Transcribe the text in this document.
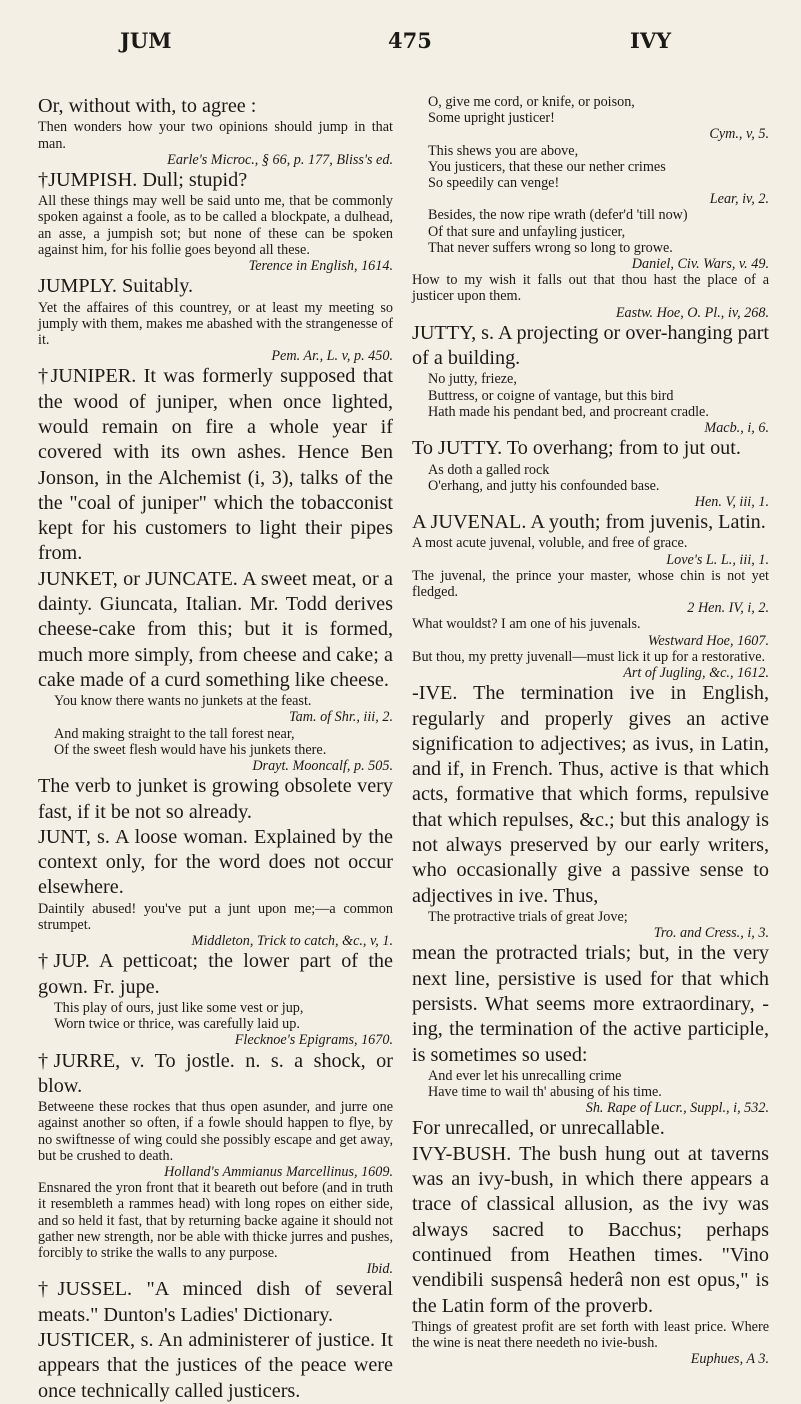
JUM	475	IVY

Or, without with, to agree :

Then wonders how your two opinions should jump in that man.

Earle's Microc., § 66, p. 177, Bliss's ed.

†JUMPISH. Dull; stupid?

All these things may well be said unto me, that be commonly spoken against a foole, as to be called a blockpate, a dulhead, an asse, a jumpish sot; but none of these can be spoken against him, for his follie goes beyond all these.

Terence in English, 1614.

JUMPLY. Suitably.

Yet the affaires of this countrey, or at least my meeting so jumply with them, makes me abashed with the strangenesse of it.

Pem. Ar., L. v, p. 450.

†JUNIPER. It was formerly supposed that the wood of juniper, when once lighted, would remain on fire a whole year if covered with its own ashes. Hence Ben Jonson, in the Alchemist (i, 3), talks of the the "coal of juniper" which the tobacconist kept for his customers to light their pipes from.

JUNKET, or JUNCATE. A sweet meat, or a dainty. Giuncata, Italian. Mr. Todd derives cheese-cake from this; but it is formed, much more simply, from cheese and cake; a cake made of a curd something like cheese.

You know there wants no junkets at the feast.

Tam. of Shr., iii, 2.

And making straight to the tall forest near,

Of the sweet flesh would have his junkets there.

Drayt. Mooncalf, p. 505.

The verb to junket is growing obsolete very fast, if it be not so already.

JUNT, s. A loose woman. Explained by the context only, for the word does not occur elsewhere.

Daintily abused! you've put a junt upon me;—a common strumpet.

Middleton, Trick to catch, &c., v, 1.

†JUP. A petticoat; the lower part of the gown. Fr. jupe.

This play of ours, just like some vest or jup,

Worn twice or thrice, was carefully laid up.

Flecknoe's Epigrams, 1670.

†JURRE, v. To jostle. n. s. a shock, or blow.

Betweene these rockes that thus open asunder, and jurre one against another so often, if a fowle should happen to flye, by no swiftnesse of wing could she possibly escape and get away, but be crushed to death.

Holland's Ammianus Marcellinus, 1609.

Ensnared the yron front that it beareth out before (and in truth it resembleth a rammes head) with long ropes on either side, and so held it fast, that by returning backe againe it should not gather new strength, nor be able with thicke jurres and pushes, forcibly to strike the walls to any purpose.

Ibid.

†JUSSEL. "A minced dish of several meats." Dunton's Ladies' Dictionary.

JUSTICER, s. An administerer of justice. It appears that the justices of the peace were once technically called justicers.

O, give me cord, or knife, or poison,

Some upright justicer!

Cym., v, 5.

This shews you are above,

You justicers, that these our nether crimes

So speedily can venge!

Lear, iv, 2.

Besides, the now ripe wrath (defer'd 'till now)

Of that sure and unfayling justicer,

That never suffers wrong so long to growe.

Daniel, Civ. Wars, v. 49.

How to my wish it falls out that thou hast the place of a justicer upon them.

Eastw. Hoe, O. Pl., iv, 268.

JUTTY, s. A projecting or over-hanging part of a building.

No jutty, frieze,

Buttress, or coigne of vantage, but this bird

Hath made his pendant bed, and procreant cradle.

Macb., i, 6.

To JUTTY. To overhang; from to jut out.

As doth a galled rock

O'erhang, and jutty his confounded base.

Hen. V, iii, 1.

A JUVENAL. A youth; from juvenis, Latin.

A most acute juvenal, voluble, and free of grace.

Love's L. L., iii, 1.

The juvenal, the prince your master, whose chin is not yet fledged.

2 Hen. IV, i, 2.

What wouldst? I am one of his juvenals.

Westward Hoe, 1607.

But thou, my pretty juvenall—must lick it up for a restorative.

Art of Jugling, &c., 1612.

-IVE. The termination ive in English, regularly and properly gives an active signification to adjectives; as ivus, in Latin, and if, in French. Thus, active is that which acts, formative that which forms, repulsive that which repulses, &c.; but this analogy is not always preserved by our early writers, who occasionally give a passive sense to adjectives in ive. Thus,

The protractive trials of great Jove;

Tro. and Cress., i, 3.

mean the protracted trials; but, in the very next line, persistive is used for that which persists. What seems more extraordinary, -ing, the termination of the active participle, is sometimes so used:

And ever let his unrecalling crime

Have time to wail th' abusing of his time.

Sh. Rape of Lucr., Suppl., i, 532.

For unrecalled, or unrecallable.

IVY-BUSH. The bush hung out at taverns was an ivy-bush, in which there appears a trace of classical allusion, as the ivy was always sacred to Bacchus; perhaps continued from Heathen times. "Vino vendibili suspensâ hederâ non est opus," is the Latin form of the proverb.

Things of greatest profit are set forth with least price. Where the wine is neat there needeth no ivie-bush.

Euphues, A 3.
